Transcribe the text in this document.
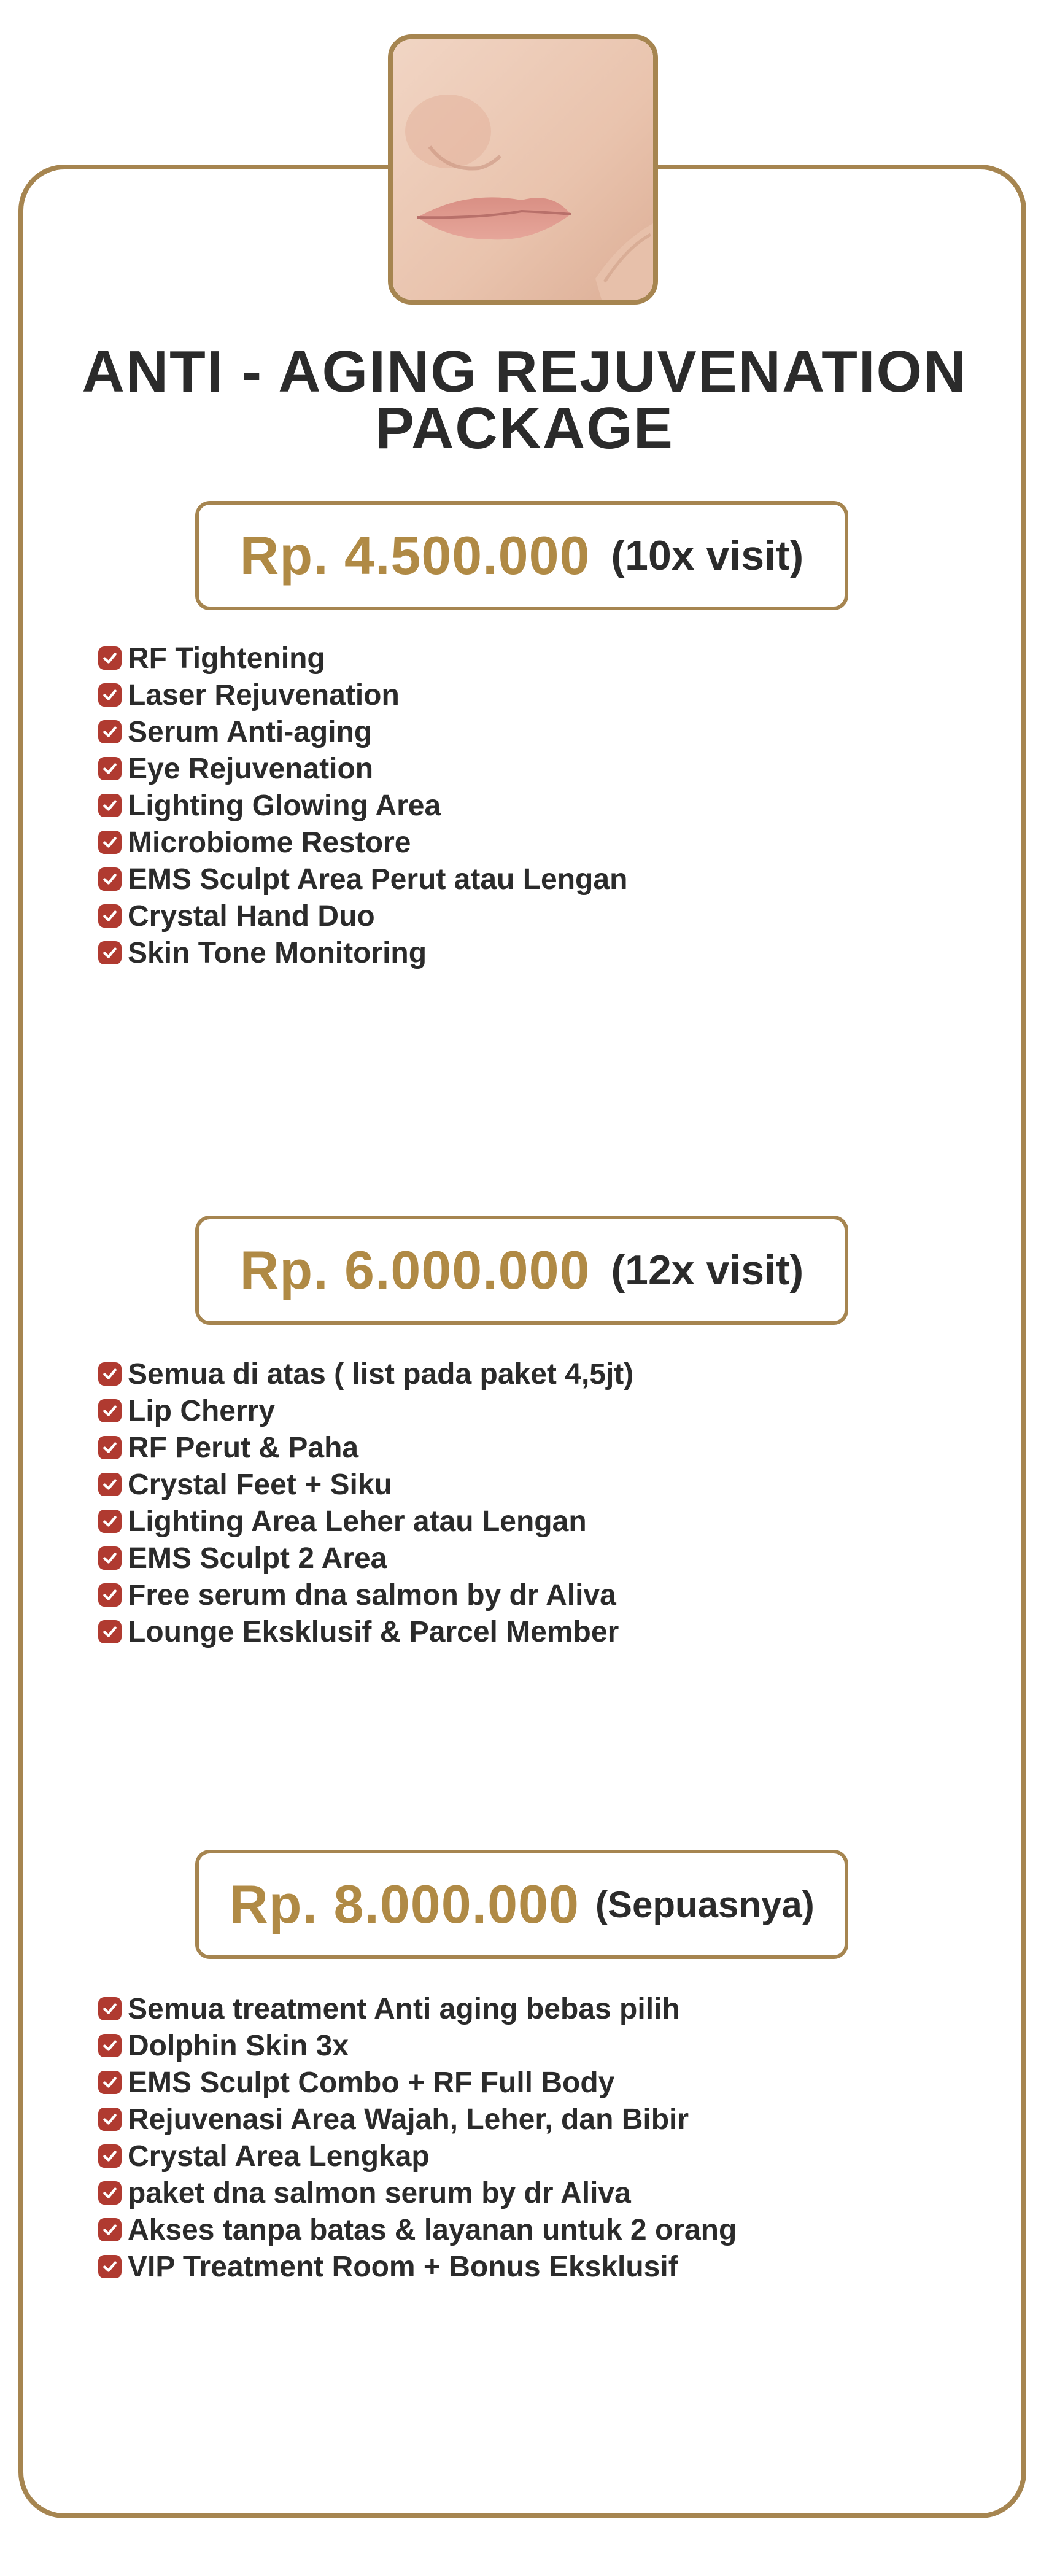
ANTI - AGING REJUVENATION
PACKAGE
Rp. 4.500.000 (10x visit)
RF Tightening
Laser Rejuvenation
Serum Anti-aging
Eye Rejuvenation
Lighting Glowing Area
Microbiome Restore
EMS Sculpt Area Perut atau Lengan
Crystal Hand Duo
Skin Tone Monitoring
Rp. 6.000.000 (12x visit)
Semua di atas ( list pada paket 4,5jt)
Lip Cherry
RF Perut & Paha
Crystal Feet + Siku
Lighting Area Leher atau Lengan
EMS Sculpt 2 Area
Free serum dna salmon by dr Aliva
Lounge Eksklusif & Parcel Member
Rp. 8.000.000 (Sepuasnya)
Semua treatment Anti aging bebas pilih
Dolphin Skin 3x
EMS Sculpt Combo + RF Full Body
Rejuvenasi Area Wajah, Leher, dan Bibir
Crystal Area Lengkap
paket dna salmon serum by dr Aliva
Akses tanpa batas & layanan untuk 2 orang
VIP Treatment Room + Bonus Eksklusif
